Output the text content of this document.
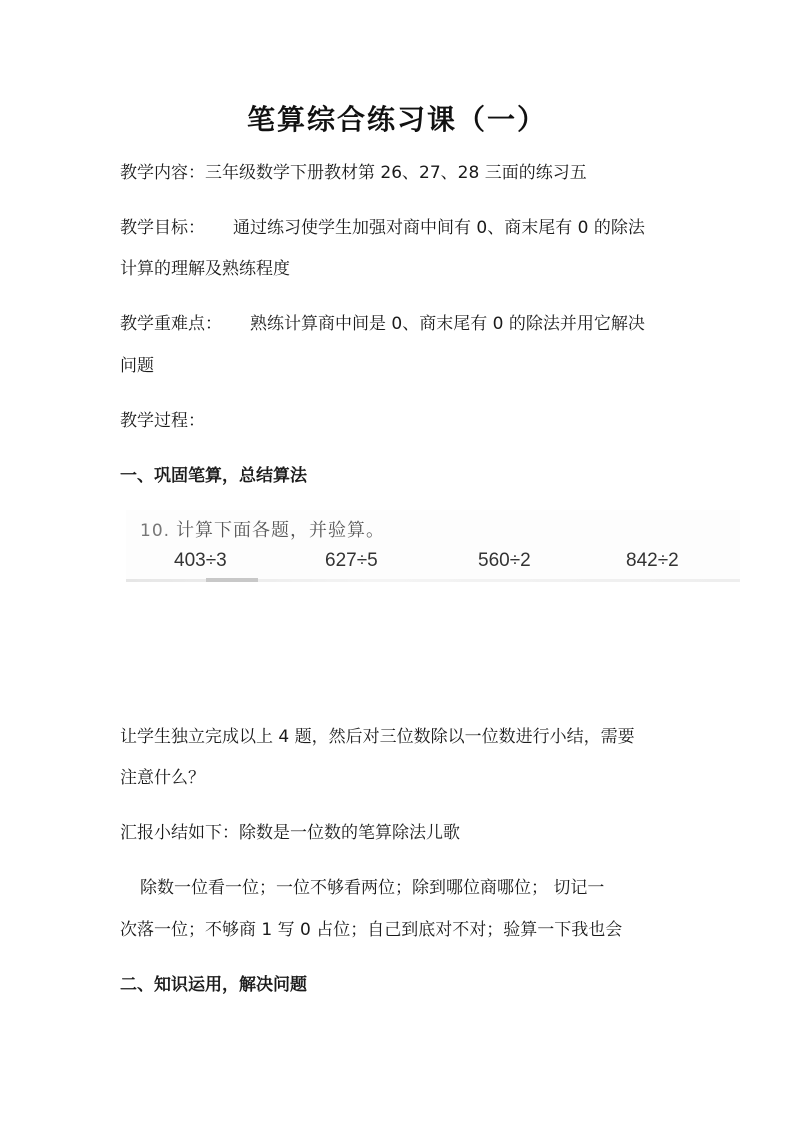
笔算综合练习课（一）
教学内容：三年级数学下册教材第 26、27、28 三面的练习五
教学目标： 通过练习使学生加强对商中间有 0、商末尾有 0 的除法
计算的理解及熟练程度
教学重难点： 熟练计算商中间是 0、商末尾有 0 的除法并用它解决
问题
教学过程：
一、巩固笔算，总结算法
10. 计算下面各题，并验算。
403÷3	627÷5	560÷2	842÷2
让学生独立完成以上 4 题，然后对三位数除以一位数进行小结，需要
注意什么？
汇报小结如下：除数是一位数的笔算除法儿歌
除数一位看一位；一位不够看两位；除到哪位商哪位； 切记一
次落一位；不够商 1 写 0 占位；自己到底对不对；验算一下我也会
二、知识运用，解决问题
